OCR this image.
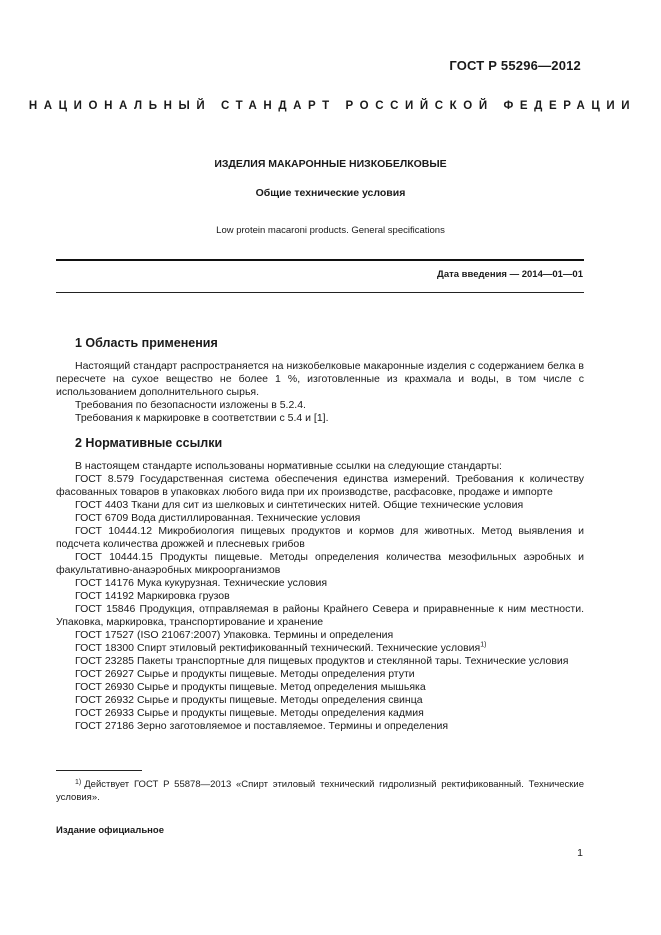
ГОСТ Р 55296—2012
НАЦИОНАЛЬНЫЙ СТАНДАРТ РОССИЙСКОЙ ФЕДЕРАЦИИ
ИЗДЕЛИЯ МАКАРОННЫЕ НИЗКОБЕЛКОВЫЕ
Общие технические условия
Low protein macaroni products. General specifications
Дата введения — 2014—01—01
1 Область применения

Настоящий стандарт распространяется на низкобелковые макаронные изделия с содержанием белка в пересчете на сухое вещество не более 1 %, изготовленные из крахмала и воды, в том числе с использованием дополнительного сырья.

Требования по безопасности изложены в 5.2.4.

Требования к маркировке в соответствии с 5.4 и [1].

2 Нормативные ссылки

В настоящем стандарте использованы нормативные ссылки на следующие стандарты:

ГОСТ 8.579 Государственная система обеспечения единства измерений. Требования к количеству фасованных товаров в упаковках любого вида при их производстве, расфасовке, продаже и импорте

ГОСТ 4403 Ткани для сит из шелковых и синтетических нитей. Общие технические условия

ГОСТ 6709 Вода дистиллированная. Технические условия

ГОСТ 10444.12 Микробиология пищевых продуктов и кормов для животных. Метод выявления и подсчета количества дрожжей и плесневых грибов

ГОСТ 10444.15 Продукты пищевые. Методы определения количества мезофильных аэробных и факультативно-анаэробных микроорганизмов

ГОСТ 14176 Мука кукурузная. Технические условия

ГОСТ 14192 Маркировка грузов

ГОСТ 15846 Продукция, отправляемая в районы Крайнего Севера и приравненные к ним местности. Упаковка, маркировка, транспортирование и хранение

ГОСТ 17527 (ISO 21067:2007) Упаковка. Термины и определения

ГОСТ 18300 Спирт этиловый ректификованный технический. Технические условия$^{1)}$

ГОСТ 23285 Пакеты транспортные для пищевых продуктов и стеклянной тары. Технические условия

ГОСТ 26927 Сырье и продукты пищевые. Методы определения ртути

ГОСТ 26930 Сырье и продукты пищевые. Метод определения мышьяка

ГОСТ 26932 Сырье и продукты пищевые. Методы определения свинца

ГОСТ 26933 Сырье и продукты пищевые. Методы определения кадмия

ГОСТ 27186 Зерно заготовляемое и поставляемое. Термины и определения

$^{1)}$ Действует ГОСТ Р 55878—2013 «Спирт этиловый технический гидролизный ректификованный. Технические условия».
Издание официальное
1
